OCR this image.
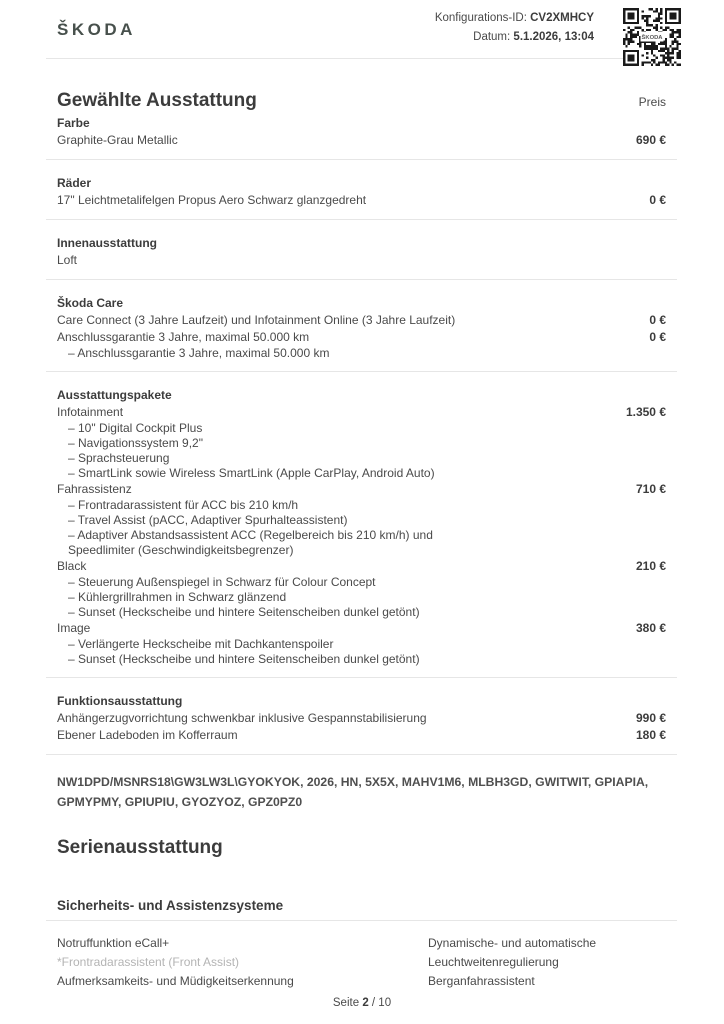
ŠKODA
Konfigurations-ID: CV2XMHCY
Datum: 5.1.2026, 13:04	ŠKODA
Gewählte Ausstattung	Preis
Farbe
Graphite-Grau Metallic	690 €
Räder
17" Leichtmetalifelgen Propus Aero Schwarz glanzgedreht	0 €
Innenausstattung
Loft
Škoda Care
Care Connect (3 Jahre Laufzeit) und Infotainment Online (3 Jahre Laufzeit)	0 €
Anschlussgarantie 3 Jahre, maximal 50.000 km	0 €
– Anschlussgarantie 3 Jahre, maximal 50.000 km
Ausstattungspakete
Infotainment	1.350 €
– 10" Digital Cockpit Plus
– Navigationssystem 9,2"
– Sprachsteuerung
– SmartLink sowie Wireless SmartLink (Apple CarPlay, Android Auto)
Fahrassistenz	710 €
– Frontradarassistent für ACC bis 210 km/h
– Travel Assist (pACC, Adaptiver Spurhalteassistent)
– Adaptiver Abstandsassistent ACC (Regelbereich bis 210 km/h) und
Speedlimiter (Geschwindigkeitsbegrenzer)
Black	210 €
– Steuerung Außenspiegel in Schwarz für Colour Concept
– Kühlergrillrahmen in Schwarz glänzend
– Sunset (Heckscheibe und hintere Seitenscheiben dunkel getönt)
Image	380 €
– Verlängerte Heckscheibe mit Dachkantenspoiler
– Sunset (Heckscheibe und hintere Seitenscheiben dunkel getönt)
Funktionsausstattung
Anhängerzugvorrichtung schwenkbar inklusive Gespannstabilisierung	990 €
Ebener Ladeboden im Kofferraum	180 €
NW1DPD/MSNRS18\GW3LW3L\GYOKYOK, 2026, HN, 5X5X, MAHV1M6, MLBH3GD, GWITWIT, GPIAPIA, GPMYPMY, GPIUPIU, GYOZYOZ, GPZ0PZ0
Serienausstattung
Sicherheits- und Assistenzsysteme
Notruffunktion eCall+
*Frontradarassistent (Front Assist)
Aufmerksamkeits- und Müdigkeitserkennung
Dynamische- und automatische Leuchtweitenregulierung
Berganfahrassistent
Seite 2 / 10
